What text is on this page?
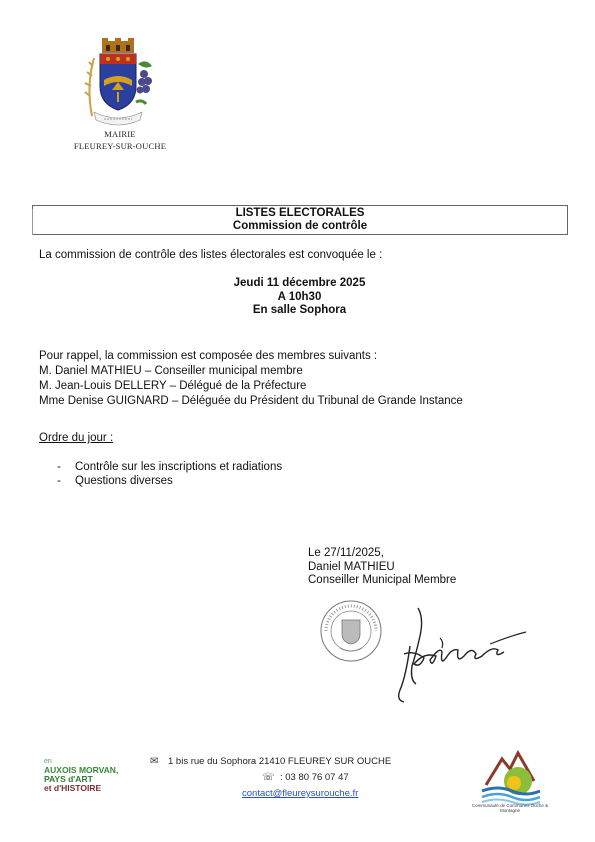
MAIRIE
FLEUREY-SUR-OUCHE
LISTES ELECTORALES
Commission de contrôle
La commission de contrôle des listes électorales est convoquée le :
Jeudi 11 décembre 2025
A 10h30
En salle Sophora
Pour rappel, la commission est composée des membres suivants :
M. Daniel MATHIEU – Conseiller municipal membre
M. Jean-Louis DELLERY – Délégué de la Préfecture
Mme Denise GUIGNARD – Déléguée du Président du Tribunal de Grande Instance
Ordre du jour :
- Contrôle sur les inscriptions et radiations
- Questions diverses
Le 27/11/2025,
Daniel MATHIEU
Conseiller Municipal Membre
en
AUXOIS MORVAN,
PAYS d'ART
et d'HISTOIRE
✉	1 bis rue du Sophora 21410 FLEUREY SUR OUCHE
☏ : 03 80 76 07 47
contact@fleureysurouche.fr
Communauté de Communes Ouche & Montagne
